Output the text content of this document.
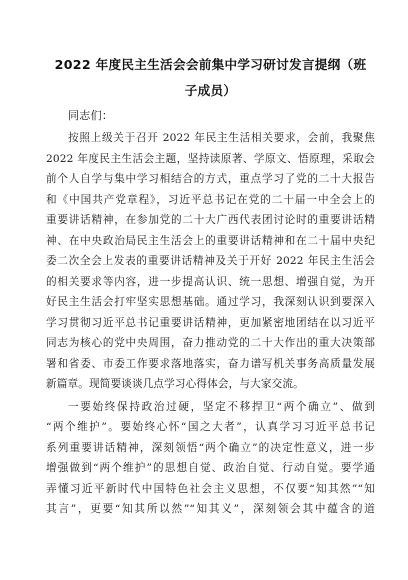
2022 年度民主生活会会前集中学习研讨发言提纲（班
子成员）

同志们：

按照上级关于召开 2022 年民主生活相关要求，会前，我聚焦
2022 年度民主生活会主题，坚持读原著、学原文、悟原理，采取会
前个人自学与集中学习相结合的方式，重点学习了党的二十大报告
和《中国共产党章程》，习近平总书记在党的二十届一中全会上的
重要讲话精神，在参加党的二十大广西代表团讨论时的重要讲话精
神、在中央政治局民主生活会上的重要讲话精神和在二十届中央纪
委二次全会上发表的重要讲话精神及关于开好 2022 年民主生活会
的相关要求等内容，进一步提高认识、统一思想、增强自觉，为开
好民主生活会打牢坚实思想基础。通过学习，我深刻认识到要深入
学习贯彻习近平总书记重要讲话精神，更加紧密地团结在以习近平
同志为核心的党中央周围，奋力推动党的二十大作出的重大决策部
署和省委、市委工作要求落地落实，奋力谱写机关事务高质量发展
新篇章。现简要谈谈几点学习心得体会，与大家交流。
一要始终保持政治过硬，坚定不移捍卫“两个确立”、做到
“两个维护”。要始终心怀“国之大者”，认真学习习近平总书记
系列重要讲话精神，深刻领悟“两个确立”的决定性意义，进一步
增强做到“两个维护”的思想自觉、政治自觉、行动自觉。要学通
弄懂习近平新时代中国特色社会主义思想，不仅要“知其然”“知
其言”，更要“知其所以然”“知其义”，深刻领会其中蕴含的道
